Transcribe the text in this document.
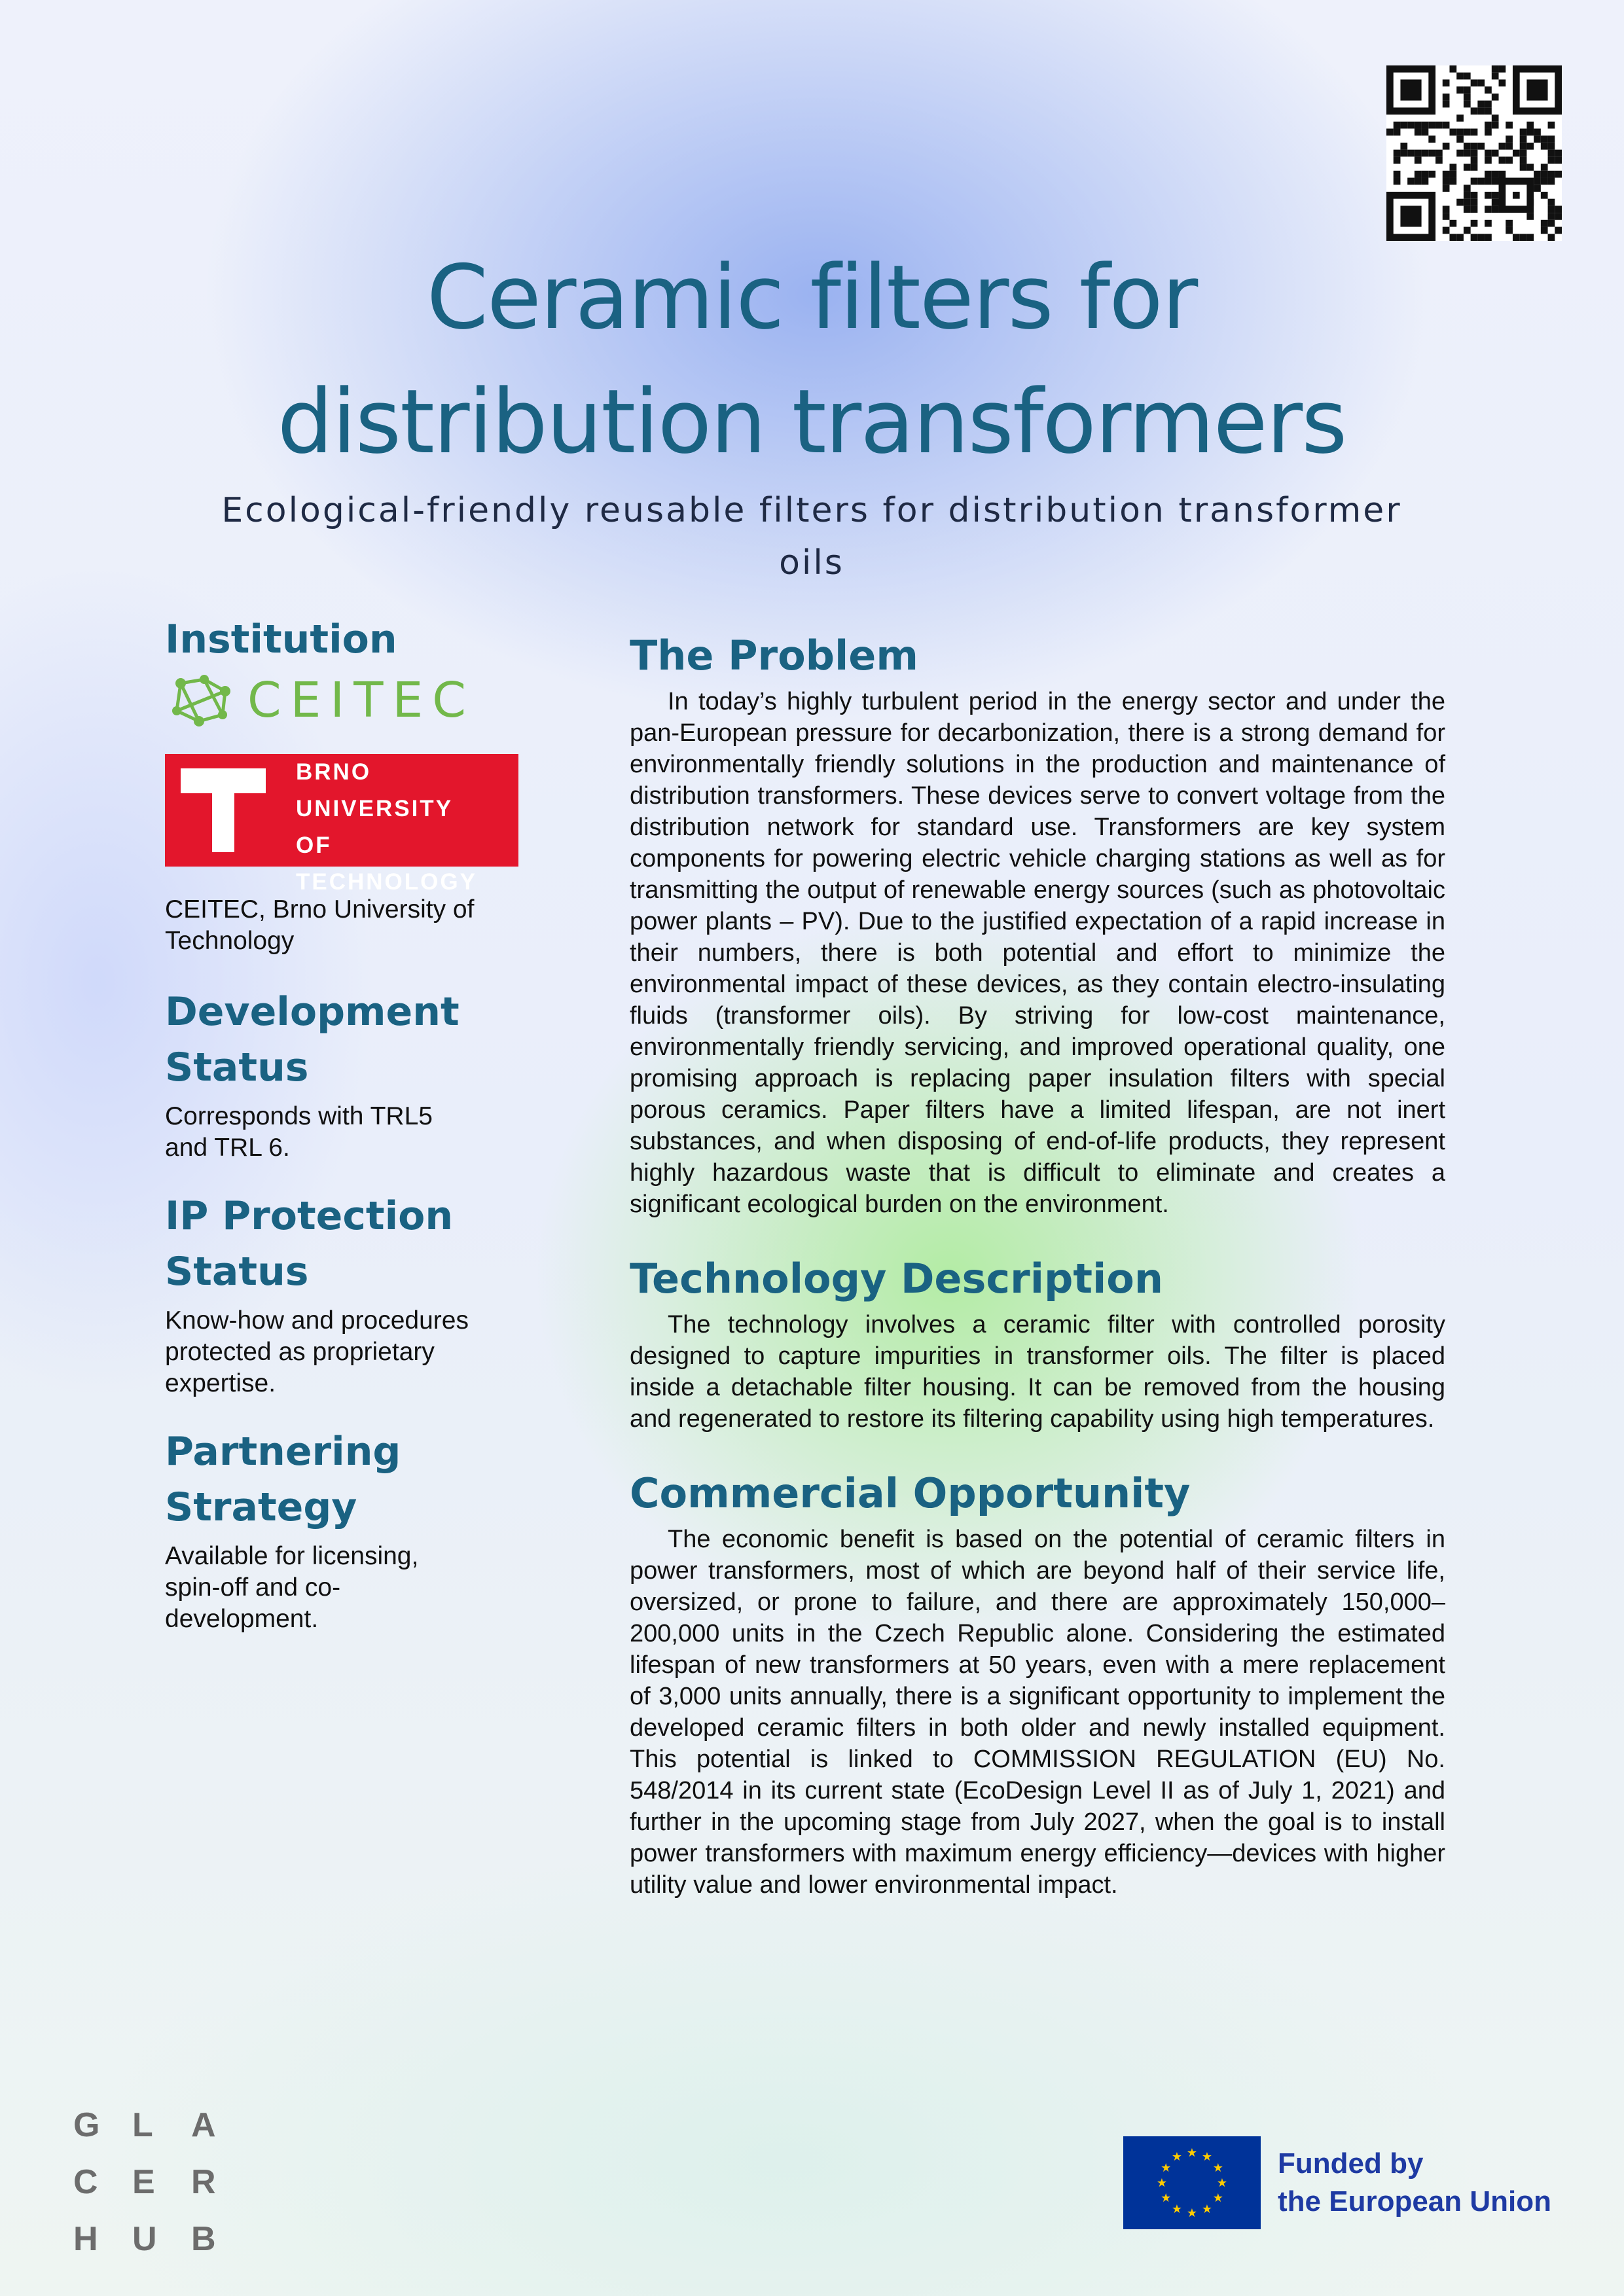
Ceramic filters for
distribution transformers
Ecological-friendly reusable filters for distribution transformer oils
Institution
CEITEC
BRNO
UNIVERSITY
OF TECHNOLOGY

CEITEC, Brno University of Technology

Development
Status

Corresponds with TRL5 and TRL 6.

IP Protection
Status

Know-how and procedures protected as proprietary expertise.

Partnering
Strategy

Available for licensing, spin-off and co-development.

The Problem

In today’s highly turbulent period in the energy sector and under the pan-European pressure for decarbonization, there is a strong demand for environmentally friendly solutions in the production and maintenance of distribution transformers. These devices serve to convert voltage from the distribution network for standard use. Transformers are key system components for powering electric vehicle charging stations as well as for transmitting the output of renewable energy sources (such as photovoltaic power plants – PV). Due to the justified expectation of a rapid increase in their numbers, there is both potential and effort to minimize the environmental impact of these devices, as they contain electro-insulating fluids (transformer oils). By striving for low-cost maintenance, environmentally friendly servicing, and improved operational quality, one promising approach is replacing paper insulation filters with special porous ceramics. Paper filters have a limited lifespan, are not inert substances, and when disposing of end-of-life products, they represent highly hazardous waste that is difficult to eliminate and creates a significant ecological burden on the environment.

Technology Description

The technology involves a ceramic filter with controlled porosity designed to capture impurities in transformer oils. The filter is placed inside a detachable filter housing. It can be removed from the housing and regenerated to restore its filtering capability using high temperatures.

Commercial Opportunity

The economic benefit is based on the potential of ceramic filters in power transformers, most of which are beyond half of their service life, oversized, or prone to failure, and there are approximately 150,000–200,000 units in the Czech Republic alone. Considering the estimated lifespan of new transformers at 50 years, even with a mere replacement of 3,000 units annually, there is a significant opportunity to implement the developed ceramic filters in both older and newly installed equipment. This potential is linked to COMMISSION REGULATION (EU) No. 548/2014 in its current state (EcoDesign Level II as of July 1, 2021) and further in the upcoming stage from July 2027, when the goal is to install power transformers with maximum energy efficiency—devices with higher utility value and lower environmental impact.

G L A
C E R
H U B
★ ★
★
★
★
★
★
★
★
★
★
★	Funded by
the European Union
